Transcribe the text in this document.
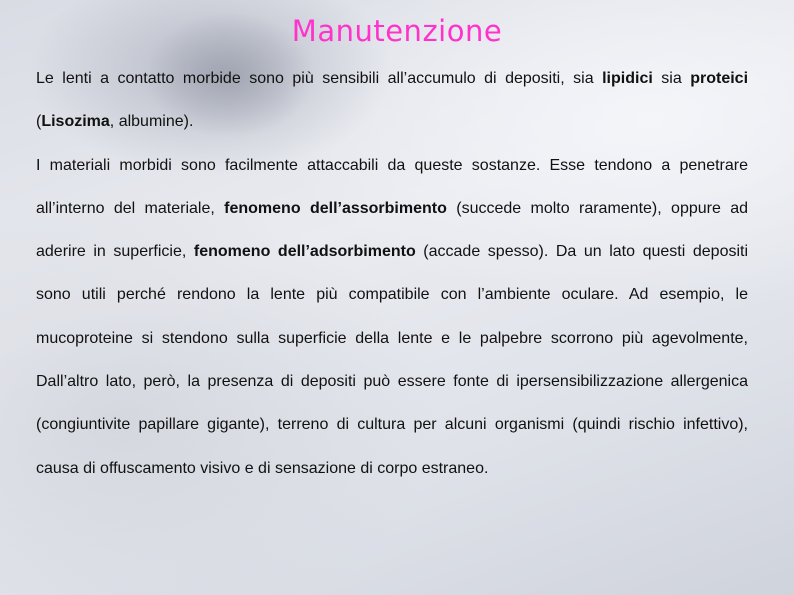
Manutenzione

Le lenti a contatto morbide sono più sensibili all’accumulo di depositi, sia lipidici sia proteici (Lisozima, albumine).

I materiali morbidi sono facilmente attaccabili da queste sostanze. Esse tendono a penetrare all’interno del materiale, fenomeno dell’assorbimento (succede molto raramente), oppure ad aderire in superficie, fenomeno dell’adsorbimento (accade spesso). Da un lato questi depositi sono utili perché rendono la lente più compatibile con l’ambiente oculare. Ad esempio, le mucoproteine si stendono sulla superficie della lente e le palpebre scorrono più agevolmente, Dall’altro lato, però, la presenza di depositi può essere fonte di ipersensibilizzazione allergenica (congiuntivite papillare gigante), terreno di cultura per alcuni organismi (quindi rischio infettivo), causa di offuscamento visivo e di sensazione di corpo estraneo.
